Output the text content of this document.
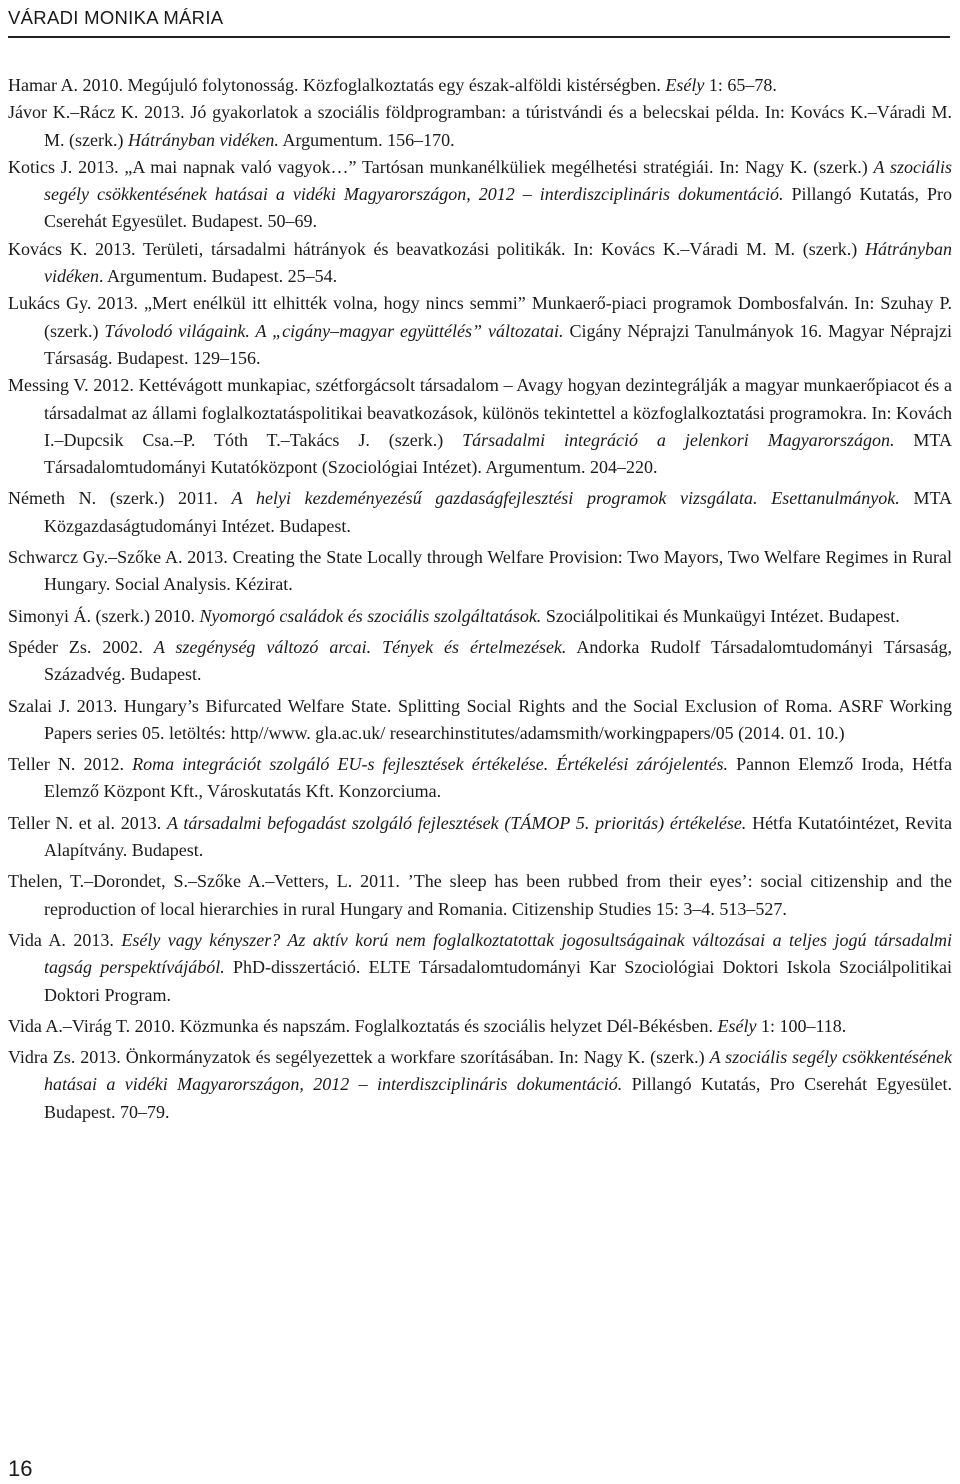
VÁRADI MONIKA MÁRIA

Hamar A. 2010. Megújuló folytonosság. Közfoglalkoztatás egy észak-alföldi kistérségben. Esély 1: 65–78.

Jávor K.–Rácz K. 2013. Jó gyakorlatok a szociális földprogramban: a túristvándi és a belecskai példa. In: Kovács K.–Váradi M. M. (szerk.) Hátrányban vidéken. Argumentum. 156–170.

Kotics J. 2013. „A mai napnak való vagyok…” Tartósan munkanélküliek megélhetési stratégiái. In: Nagy K. (szerk.) A szociális segély csökkentésének hatásai a vidéki Magyarországon, 2012 – interdiszciplináris dokumentáció. Pillangó Kutatás, Pro Cserehát Egyesület. Budapest. 50–69.

Kovács K. 2013. Területi, társadalmi hátrányok és beavatkozási politikák. In: Kovács K.–Váradi M. M. (szerk.) Hátrányban vidéken. Argumentum. Budapest. 25–54.

Lukács Gy. 2013. „Mert enélkül itt elhitték volna, hogy nincs semmi” Munkaerő-piaci programok Dombosfalván. In: Szuhay P. (szerk.) Távolodó világaink. A „cigány–magyar együttélés” változatai. Cigány Néprajzi Tanulmányok 16. Magyar Néprajzi Társaság. Budapest. 129–156.

Messing V. 2012. Kettévágott munkapiac, szétforgácsolt társadalom – Avagy hogyan dezintegrálják a magyar munkaerőpiacot és a társadalmat az állami foglalkoztatáspolitikai beavatkozások, különös tekintettel a közfoglalkoztatási programokra. In: Kovách I.–Dupcsik Csa.–P. Tóth T.–Takács J. (szerk.) Társadalmi integráció a jelenkori Magyarországon. MTA Társadalomtudományi Kutatóközpont (Szociológiai Intézet). Argumentum. 204–220.

Németh N. (szerk.) 2011. A helyi kezdeményezésű gazdaságfejlesztési programok vizsgálata. Esettanulmányok. MTA Közgazdaságtudományi Intézet. Budapest.

Schwarcz Gy.–Szőke A. 2013. Creating the State Locally through Welfare Provision: Two Mayors, Two Welfare Regimes in Rural Hungary. Social Analysis. Kézirat.

Simonyi Á. (szerk.) 2010. Nyomorgó családok és szociális szolgáltatások. Szociálpolitikai és Munkaügyi Intézet. Budapest.

Spéder Zs. 2002. A szegénység változó arcai. Tények és értelmezések. Andorka Rudolf Társadalomtudományi Társaság, Századvég. Budapest.

Szalai J. 2013. Hungary’s Bifurcated Welfare State. Splitting Social Rights and the Social Exclusion of Roma. ASRF Working Papers series 05. letöltés: http//www. gla.ac.uk/ researchinstitutes/adamsmith/workingpapers/05 (2014. 01. 10.)

Teller N. 2012. Roma integrációt szolgáló EU-s fejlesztések értékelése. Értékelési zárójelentés. Pannon Elemző Iroda, Hétfa Elemző Központ Kft., Városkutatás Kft. Konzorciuma.

Teller N. et al. 2013. A társadalmi befogadást szolgáló fejlesztések (TÁMOP 5. prioritás) értékelése. Hétfa Kutatóintézet, Revita Alapítvány. Budapest.

Thelen, T.–Dorondet, S.–Szőke A.–Vetters, L. 2011. ’The sleep has been rubbed from their eyes’: social citizenship and the reproduction of local hierarchies in rural Hungary and Romania. Citizenship Studies 15: 3–4. 513–527.

Vida A. 2013. Esély vagy kényszer? Az aktív korú nem foglalkoztatottak jogosultságainak változásai a teljes jogú társadalmi tagság perspektívájából. PhD-disszertáció. ELTE Társadalomtudományi Kar Szociológiai Doktori Iskola Szociálpolitikai Doktori Program.

Vida A.–Virág T. 2010. Közmunka és napszám. Foglalkoztatás és szociális helyzet Dél-Békésben. Esély 1: 100–118.

Vidra Zs. 2013. Önkormányzatok és segélyezettek a workfare szorításában. In: Nagy K. (szerk.) A szociális segély csökkentésének hatásai a vidéki Magyarországon, 2012 – interdiszciplináris dokumentáció. Pillangó Kutatás, Pro Cserehát Egyesület. Budapest. 70–79.

16
